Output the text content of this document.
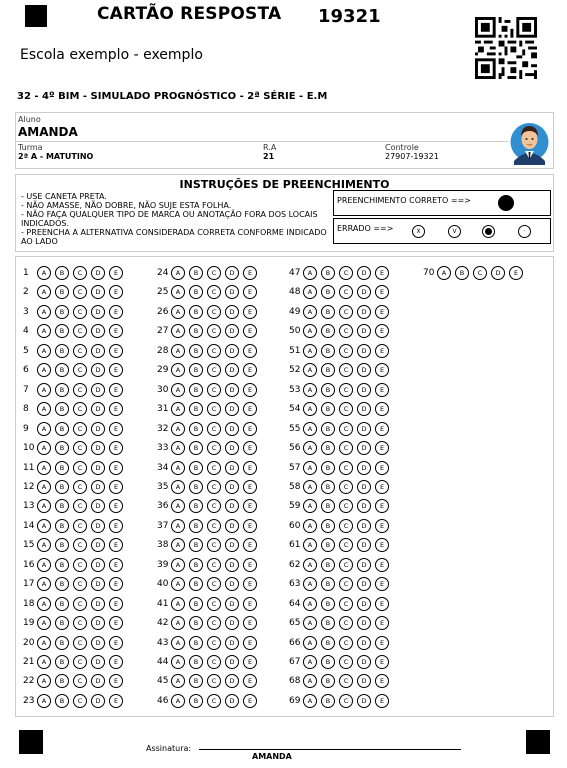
CARTÃO RESPOSTA 19321
Escola exemplo - exemplo
32 - 4º BIM - SIMULADO PROGNÓSTICO - 2ª SÉRIE - E.M
Aluno
AMANDA
Turma
2ª A - MATUTINO
R.A
21
Controle
27907-19321
INSTRUÇÕES DE PREENCHIMENTO
- USE CANETA PRETA.
- NÃO AMASSE, NÃO DOBRE, NÃO SUJE ESTA FOLHA.
- NÃO FAÇA QUALQUER TIPO DE MARCA OU ANOTAÇÃO FORA DOS LOCAIS INDICADOS.
- PREENCHA A ALTERNATIVA CONSIDERADA CORRETA CONFORME INDICADO AO LADO
PREENCHIMENTO CORRETO ==>
ERRADO ==>	X	V	·
1	A	B	C	D	E
2	A	B	C	D	E
3	A	B	C	D	E
4	A	B	C	D	E
5	A	B	C	D	E
6	A	B	C	D	E
7	A	B	C	D	E
8	A	B	C	D	E
9	A	B	C	D	E
10	A	B	C	D	E
11	A	B	C	D	E
12	A	B	C	D	E
13	A	B	C	D	E
14	A	B	C	D	E
15	A	B	C	D	E
16	A	B	C	D	E
17	A	B	C	D	E
18	A	B	C	D	E
19	A	B	C	D	E
20	A	B	C	D	E
21	A	B	C	D	E
22	A	B	C	D	E
23	A	B	C	D	E
24	A	B	C	D	E
25	A	B	C	D	E
26	A	B	C	D	E
27	A	B	C	D	E
28	A	B	C	D	E
29	A	B	C	D	E
30	A	B	C	D	E
31	A	B	C	D	E
32	A	B	C	D	E
33	A	B	C	D	E
34	A	B	C	D	E
35	A	B	C	D	E
36	A	B	C	D	E
37	A	B	C	D	E
38	A	B	C	D	E
39	A	B	C	D	E
40	A	B	C	D	E
41	A	B	C	D	E
42	A	B	C	D	E
43	A	B	C	D	E
44	A	B	C	D	E
45	A	B	C	D	E
46	A	B	C	D	E
47	A	B	C	D	E
48	A	B	C	D	E
49	A	B	C	D	E
50	A	B	C	D	E
51	A	B	C	D	E
52	A	B	C	D	E
53	A	B	C	D	E
54	A	B	C	D	E
55	A	B	C	D	E
56	A	B	C	D	E
57	A	B	C	D	E
58	A	B	C	D	E
59	A	B	C	D	E
60	A	B	C	D	E
61	A	B	C	D	E
62	A	B	C	D	E
63	A	B	C	D	E
64	A	B	C	D	E
65	A	B	C	D	E
66	A	B	C	D	E
67	A	B	C	D	E
68	A	B	C	D	E
69	A	B	C	D	E
70	A	B	C	D	E
Assinatura:
AMANDA
